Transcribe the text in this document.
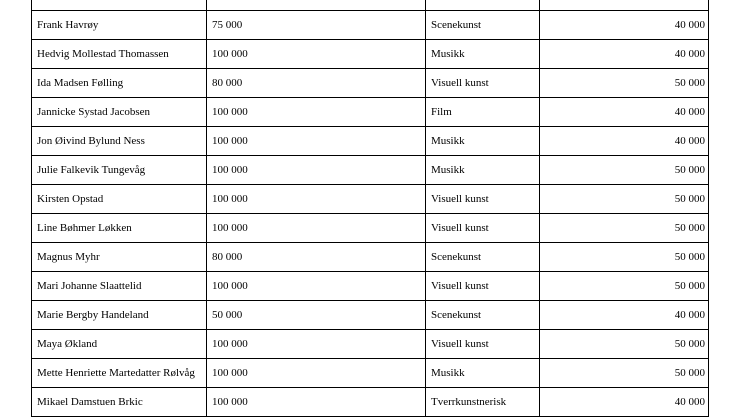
Frank Havrøy	75 000	Scenekunst	40 000
Hedvig Mollestad Thomassen	100 000	Musikk	40 000
Ida Madsen Følling	80 000	Visuell kunst	50 000
Jannicke Systad Jacobsen	100 000	Film	40 000
Jon Øivind Bylund Ness	100 000	Musikk	40 000
Julie Falkevik Tungevåg	100 000	Musikk	50 000
Kirsten Opstad	100 000	Visuell kunst	50 000
Line Bøhmer Løkken	100 000	Visuell kunst	50 000
Magnus Myhr	80 000	Scenekunst	50 000
Mari Johanne Slaattelid	100 000	Visuell kunst	50 000
Marie Bergby Handeland	50 000	Scenekunst	40 000
Maya Økland	100 000	Visuell kunst	50 000
Mette Henriette Martedatter Rølvåg	100 000	Musikk	50 000
Mikael Damstuen Brkic	100 000	Tverrkunstnerisk	40 000
